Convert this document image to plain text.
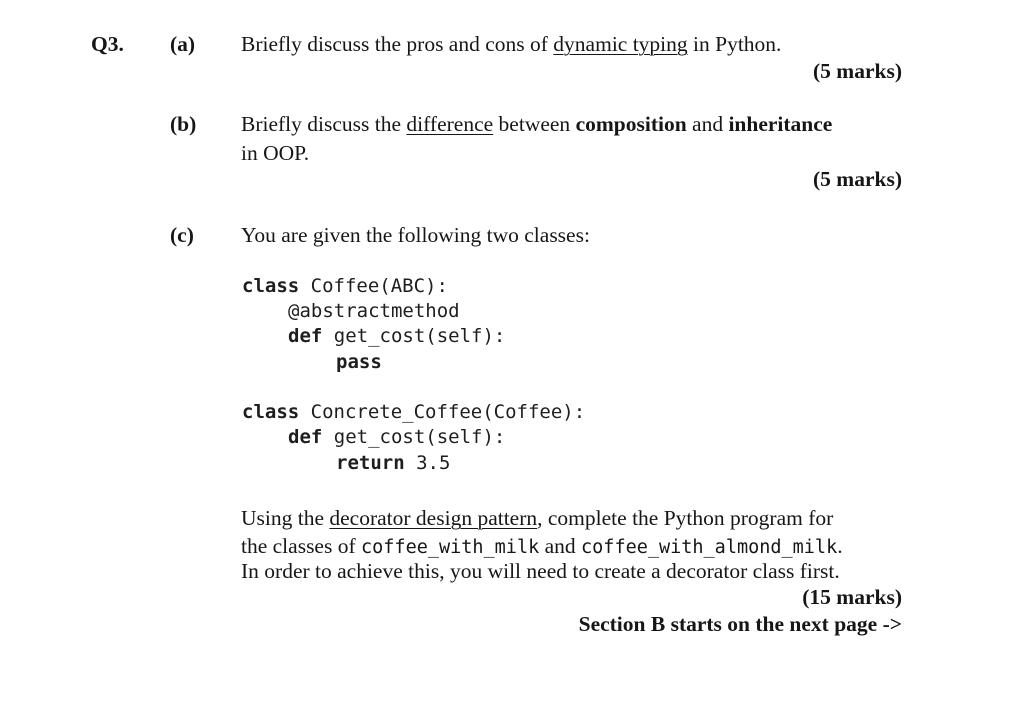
Q3. (a) Briefly discuss the pros and cons of dynamic typing in Python.
(5 marks)
(b) Briefly discuss the difference between composition and inheritance
in OOP.
(5 marks)
(c) You are given the following two classes:
class Coffee(ABC):
@abstractmethod
def get_cost(self):
pass
class Concrete_Coffee(Coffee):
def get_cost(self):
return 3.5
Using the decorator design pattern, complete the Python program for
the classes of coffee_with_milk and coffee_with_almond_milk.
In order to achieve this, you will need to create a decorator class first.
(15 marks)
Section B starts on the next page ->
